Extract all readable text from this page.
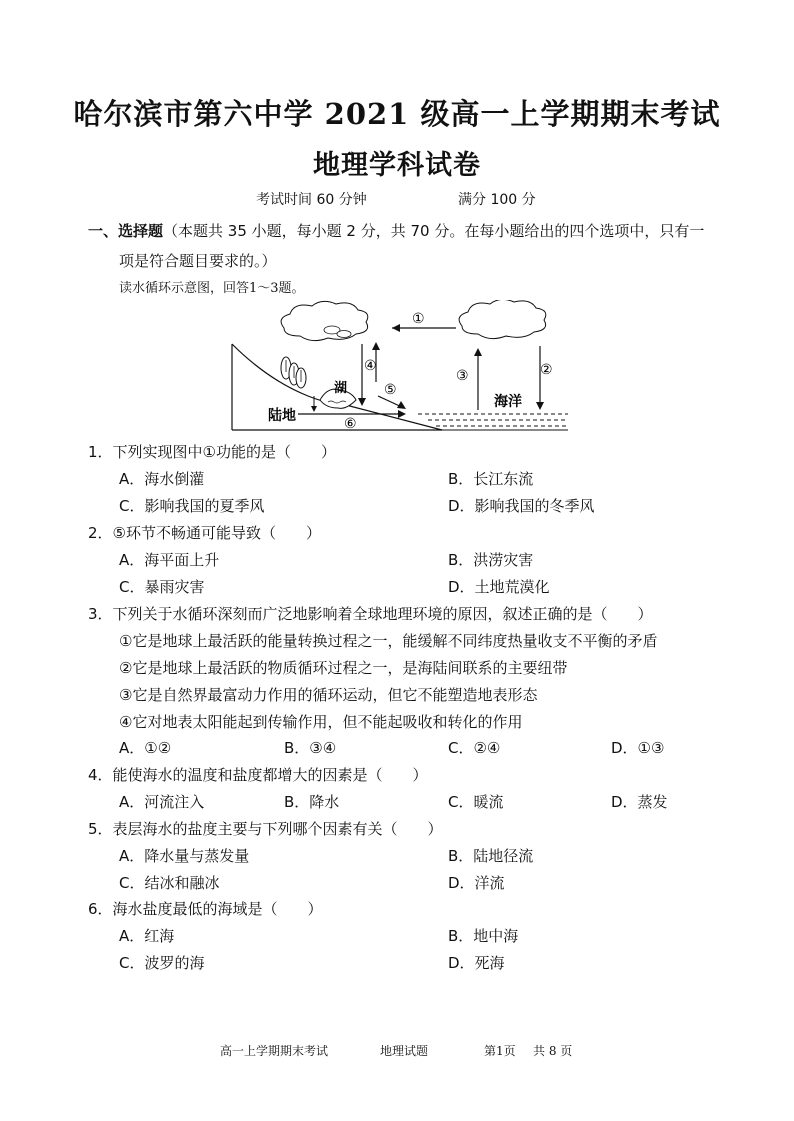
哈尔滨市第六中学 2021 级高一上学期期末考试
地理学科试卷
考试时间 60 分钟	满分 100 分
一、选择题（本题共 35 小题，每小题 2 分，共 70 分。在每小题给出的四个选项中，只有一
项是符合题目要求的。）
读水循环示意图，回答1～3题。
①
②
③
④
⑤
⑥
湖
陆地
海洋
1．下列实现图中①功能的是（　　）
A．海水倒灌	B．长江东流
C．影响我国的夏季风	D．影响我国的冬季风
2．⑤环节不畅通可能导致（　　）
A．海平面上升	B．洪涝灾害
C．暴雨灾害	D．土地荒漠化
3．下列关于水循环深刻而广泛地影响着全球地理环境的原因，叙述正确的是（　　）
①它是地球上最活跃的能量转换过程之一，能缓解不同纬度热量收支不平衡的矛盾
②它是地球上最活跃的物质循环过程之一，是海陆间联系的主要纽带
③它是自然界最富动力作用的循环运动，但它不能塑造地表形态
④它对地表太阳能起到传输作用，但不能起吸收和转化的作用
A．①②	B．③④	C．②④	D．①③
4．能使海水的温度和盐度都增大的因素是（　　）
A．河流注入	B．降水	C．暖流	D．蒸发
5．表层海水的盐度主要与下列哪个因素有关（　　）
A．降水量与蒸发量	B．陆地径流
C．结冰和融冰	D．洋流
6．海水盐度最低的海域是（　　）
A．红海	B．地中海
C．波罗的海	D．死海
高一上学期期末考试	地理试题	第1页 共 8 页
